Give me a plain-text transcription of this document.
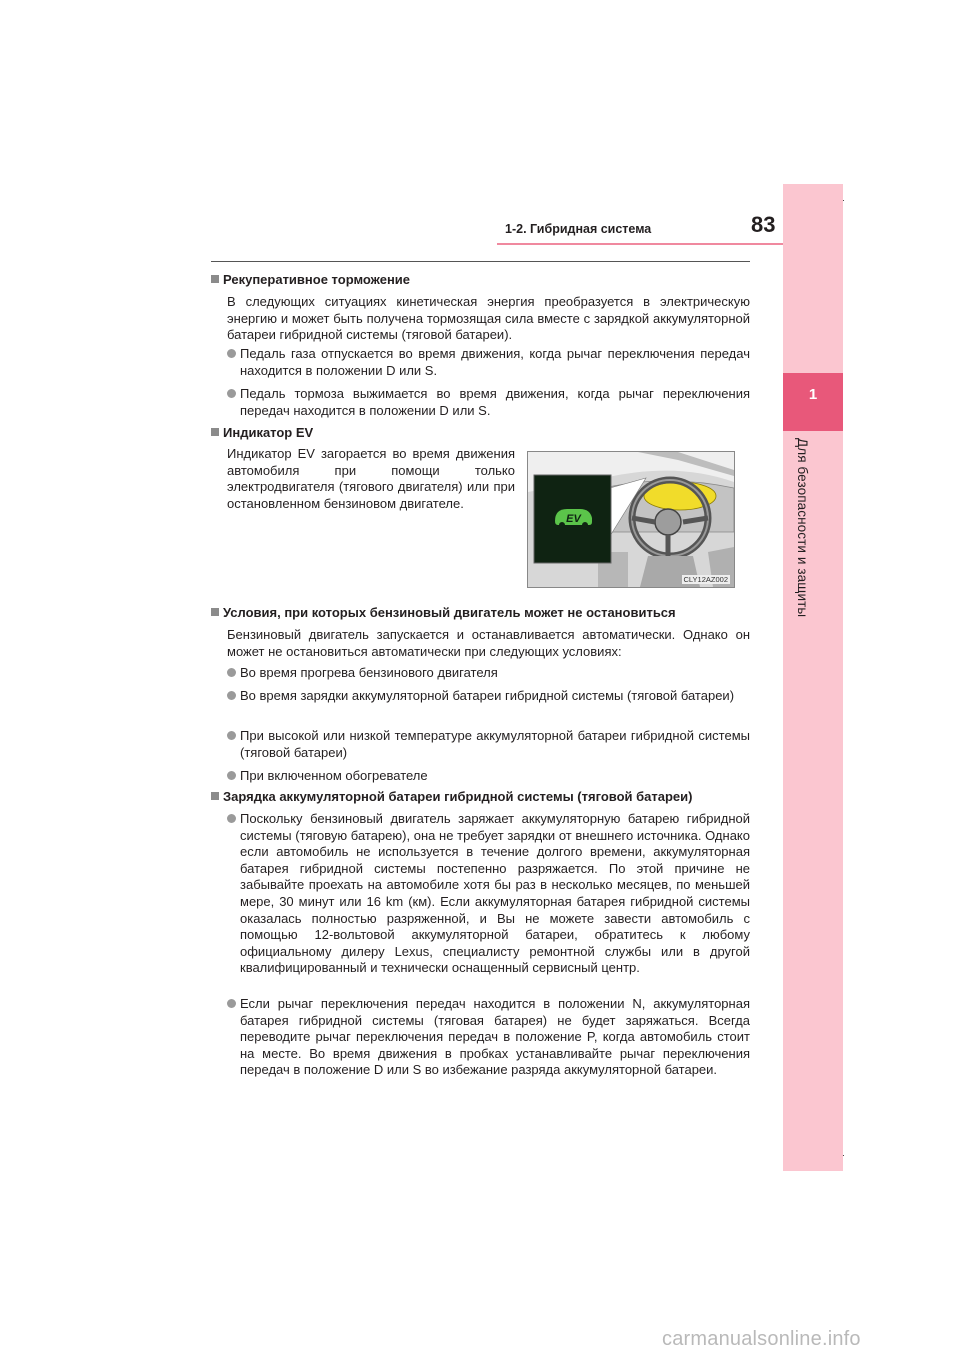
1
Для безопасности и защиты
1-2. Гибридная система	83
Рекуперативное торможение
В следующих ситуациях кинетическая энергия преобразуется в электрическую энергию и может быть получена тормозящая сила вместе с зарядкой аккумуляторной батареи гибридной системы (тяговой батареи).
Педаль газа отпускается во время движения, когда рычаг переключения передач находится в положении D или S.
Педаль тормоза выжимается во время движения, когда рычаг переключения передач находится в положении D или S.
Индикатор EV
Индикатор EV загорается во время движения автомобиля при помощи только электродвигателя (тягового двигателя) или при остановленном бензиновом двигателе.
EV
CLY12AZ002
Условия, при которых бензиновый двигатель может не остановиться
Бензиновый двигатель запускается и останавливается автоматически. Однако он может не остановиться автоматически при следующих условиях:
Во время прогрева бензинового двигателя
Во время зарядки аккумуляторной батареи гибридной системы (тяговой батареи)
При высокой или низкой температуре аккумуляторной батареи гибридной системы (тяговой батареи)
При включенном обогревателе
Зарядка аккумуляторной батареи гибридной системы (тяговой батареи)
Поскольку бензиновый двигатель заряжает аккумуляторную батарею гибридной системы (тяговую батарею), она не требует зарядки от внешнего источника. Однако если автомобиль не используется в течение долгого времени, аккумуляторная батарея гибридной системы постепенно разряжается. По этой причине не забывайте проехать на автомобиле хотя бы раз в несколько месяцев, по меньшей мере, 30 минут или 16 km (км). Если аккумуляторная батарея гибридной системы оказалась полностью разряженной, и Вы не можете завести автомобиль с помощью 12-вольтовой аккумуляторной батареи, обратитесь к любому официальному дилеру Lexus, специалисту ремонтной службы или в другой квалифицированный и технически оснащенный сервисный центр.
Если рычаг переключения передач находится в положении N, аккумуляторная батарея гибридной системы (тяговая батарея) не будет заряжаться. Всегда переводите рычаг переключения передач в положение P, когда автомобиль стоит на месте. Во время движения в пробках устанавливайте рычаг переключения передач в положение D или S во избежание разряда аккумуляторной батареи.
carmanualsonline.info
